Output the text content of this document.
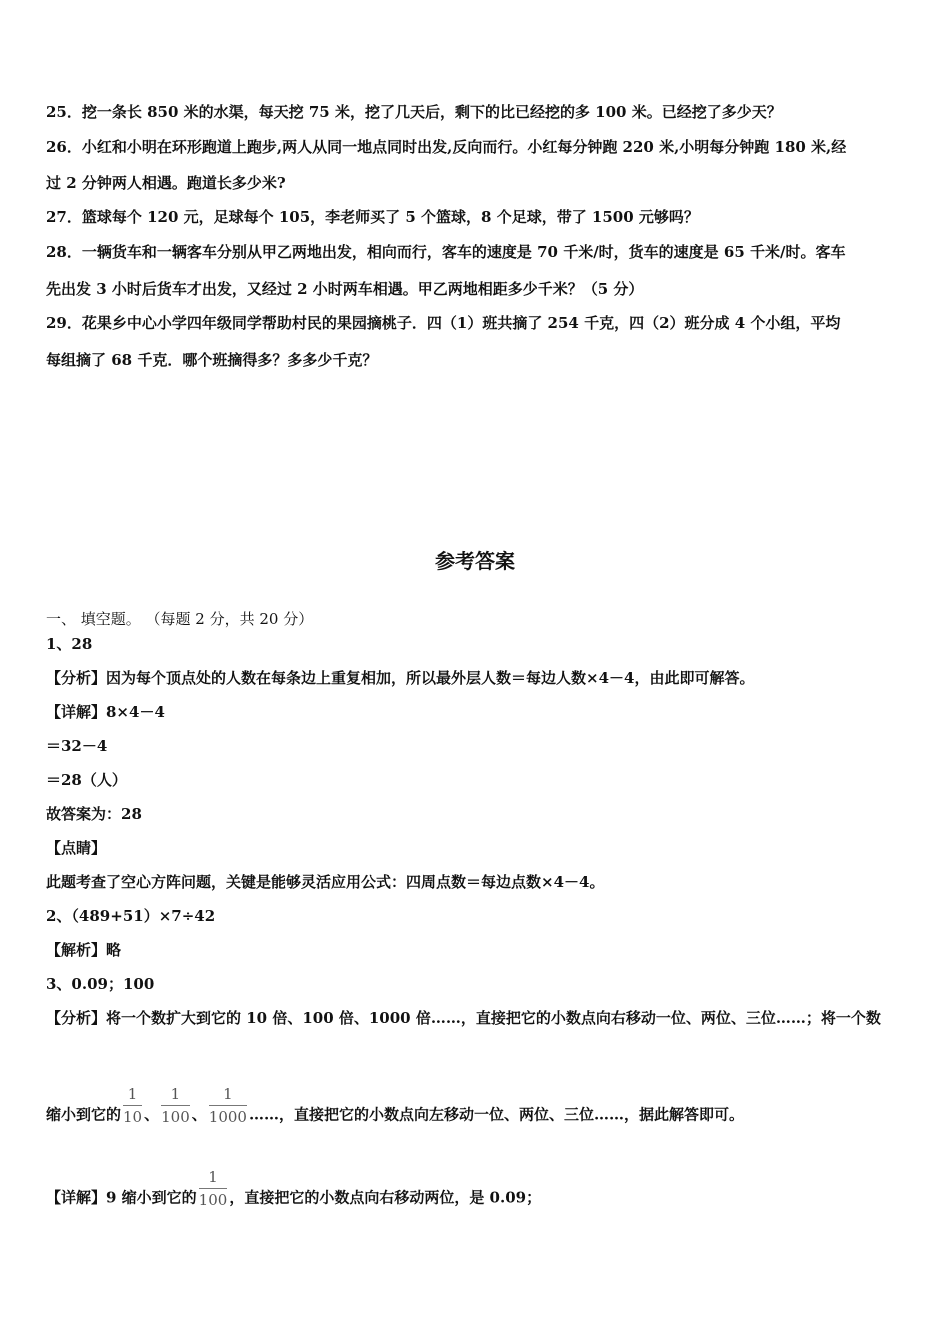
25．挖一条长 850 米的水渠，每天挖 75 米，挖了几天后，剩下的比已经挖的多 100 米。已经挖了多少天？
26．小红和小明在环形跑道上跑步,两人从同一地点同时出发,反向而行。小红每分钟跑 220 米,小明每分钟跑 180 米,经
过 2 分钟两人相遇。跑道长多少米?
27．篮球每个 120 元，足球每个 105，李老师买了 5 个篮球，8 个足球，带了 1500 元够吗？
28．一辆货车和一辆客车分别从甲乙两地出发，相向而行，客车的速度是 70 千米/时，货车的速度是 65 千米/时。客车
先出发 3 小时后货车才出发，又经过 2 小时两车相遇。甲乙两地相距多少千米？（5 分）
29．花果乡中心小学四年级同学帮助村民的果园摘桃子．四（1）班共摘了 254 千克，四（2）班分成 4 个小组，平均
每组摘了 68 千克．哪个班摘得多？多多少千克？
参考答案
一、 填空题。 （每题 2 分，共 20 分）
1、28
【分析】因为每个顶点处的人数在每条边上重复相加，所以最外层人数＝每边人数×4－4，由此即可解答。
【详解】8×4－4
＝32－4
＝28（人）
故答案为：28
【点睛】
此题考查了空心方阵问题，关键是能够灵活应用公式：四周点数＝每边点数×4－4。
2、（489+51）×7÷42
【解析】略
3、0.09；100
【分析】将一个数扩大到它的 10 倍、100 倍、1000 倍……，直接把它的小数点向右移动一位、两位、三位……；将一个数
缩小到它的 $\frac{1}{10}$ 、 $\frac{1}{100}$ 、 $\frac{1}{1000}$ ……，直接把它的小数点向左移动一位、两位、三位……，据此解答即可。
【详解】9 缩小到它的 $\frac{1}{100}$ ，直接把它的小数点向右移动两位，是 0.09；
